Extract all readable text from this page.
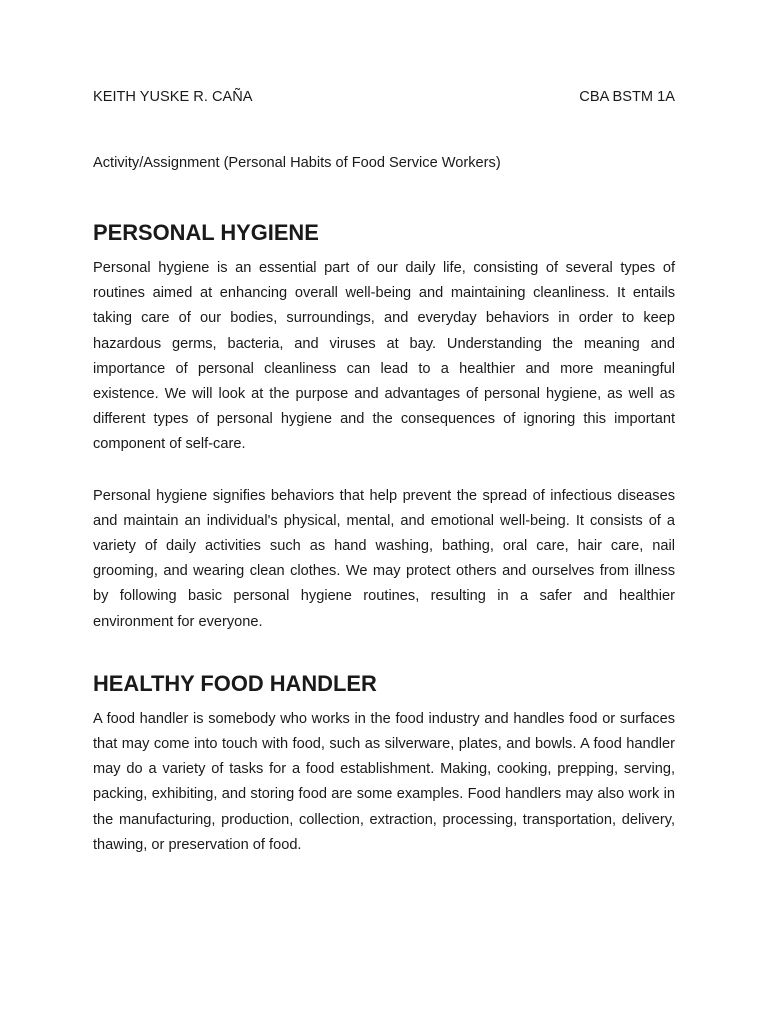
KEITH YUSKE R. CAÑA	CBA BSTM 1A

Activity/Assignment (Personal Habits of Food Service Workers)

PERSONAL HYGIENE

Personal hygiene is an essential part of our daily life, consisting of several types of routines aimed at enhancing overall well-being and maintaining cleanliness. It entails taking care of our bodies, surroundings, and everyday behaviors in order to keep hazardous germs, bacteria, and viruses at bay. Understanding the meaning and importance of personal cleanliness can lead to a healthier and more meaningful existence. We will look at the purpose and advantages of personal hygiene, as well as different types of personal hygiene and the consequences of ignoring this important component of self-care.

Personal hygiene signifies behaviors that help prevent the spread of infectious diseases and maintain an individual's physical, mental, and emotional well-being. It consists of a variety of daily activities such as hand washing, bathing, oral care, hair care, nail grooming, and wearing clean clothes. We may protect others and ourselves from illness by following basic personal hygiene routines, resulting in a safer and healthier environment for everyone.

HEALTHY FOOD HANDLER

A food handler is somebody who works in the food industry and handles food or surfaces that may come into touch with food, such as silverware, plates, and bowls. A food handler may do a variety of tasks for a food establishment. Making, cooking, prepping, serving, packing, exhibiting, and storing food are some examples. Food handlers may also work in the manufacturing, production, collection, extraction, processing, transportation, delivery, thawing, or preservation of food.
